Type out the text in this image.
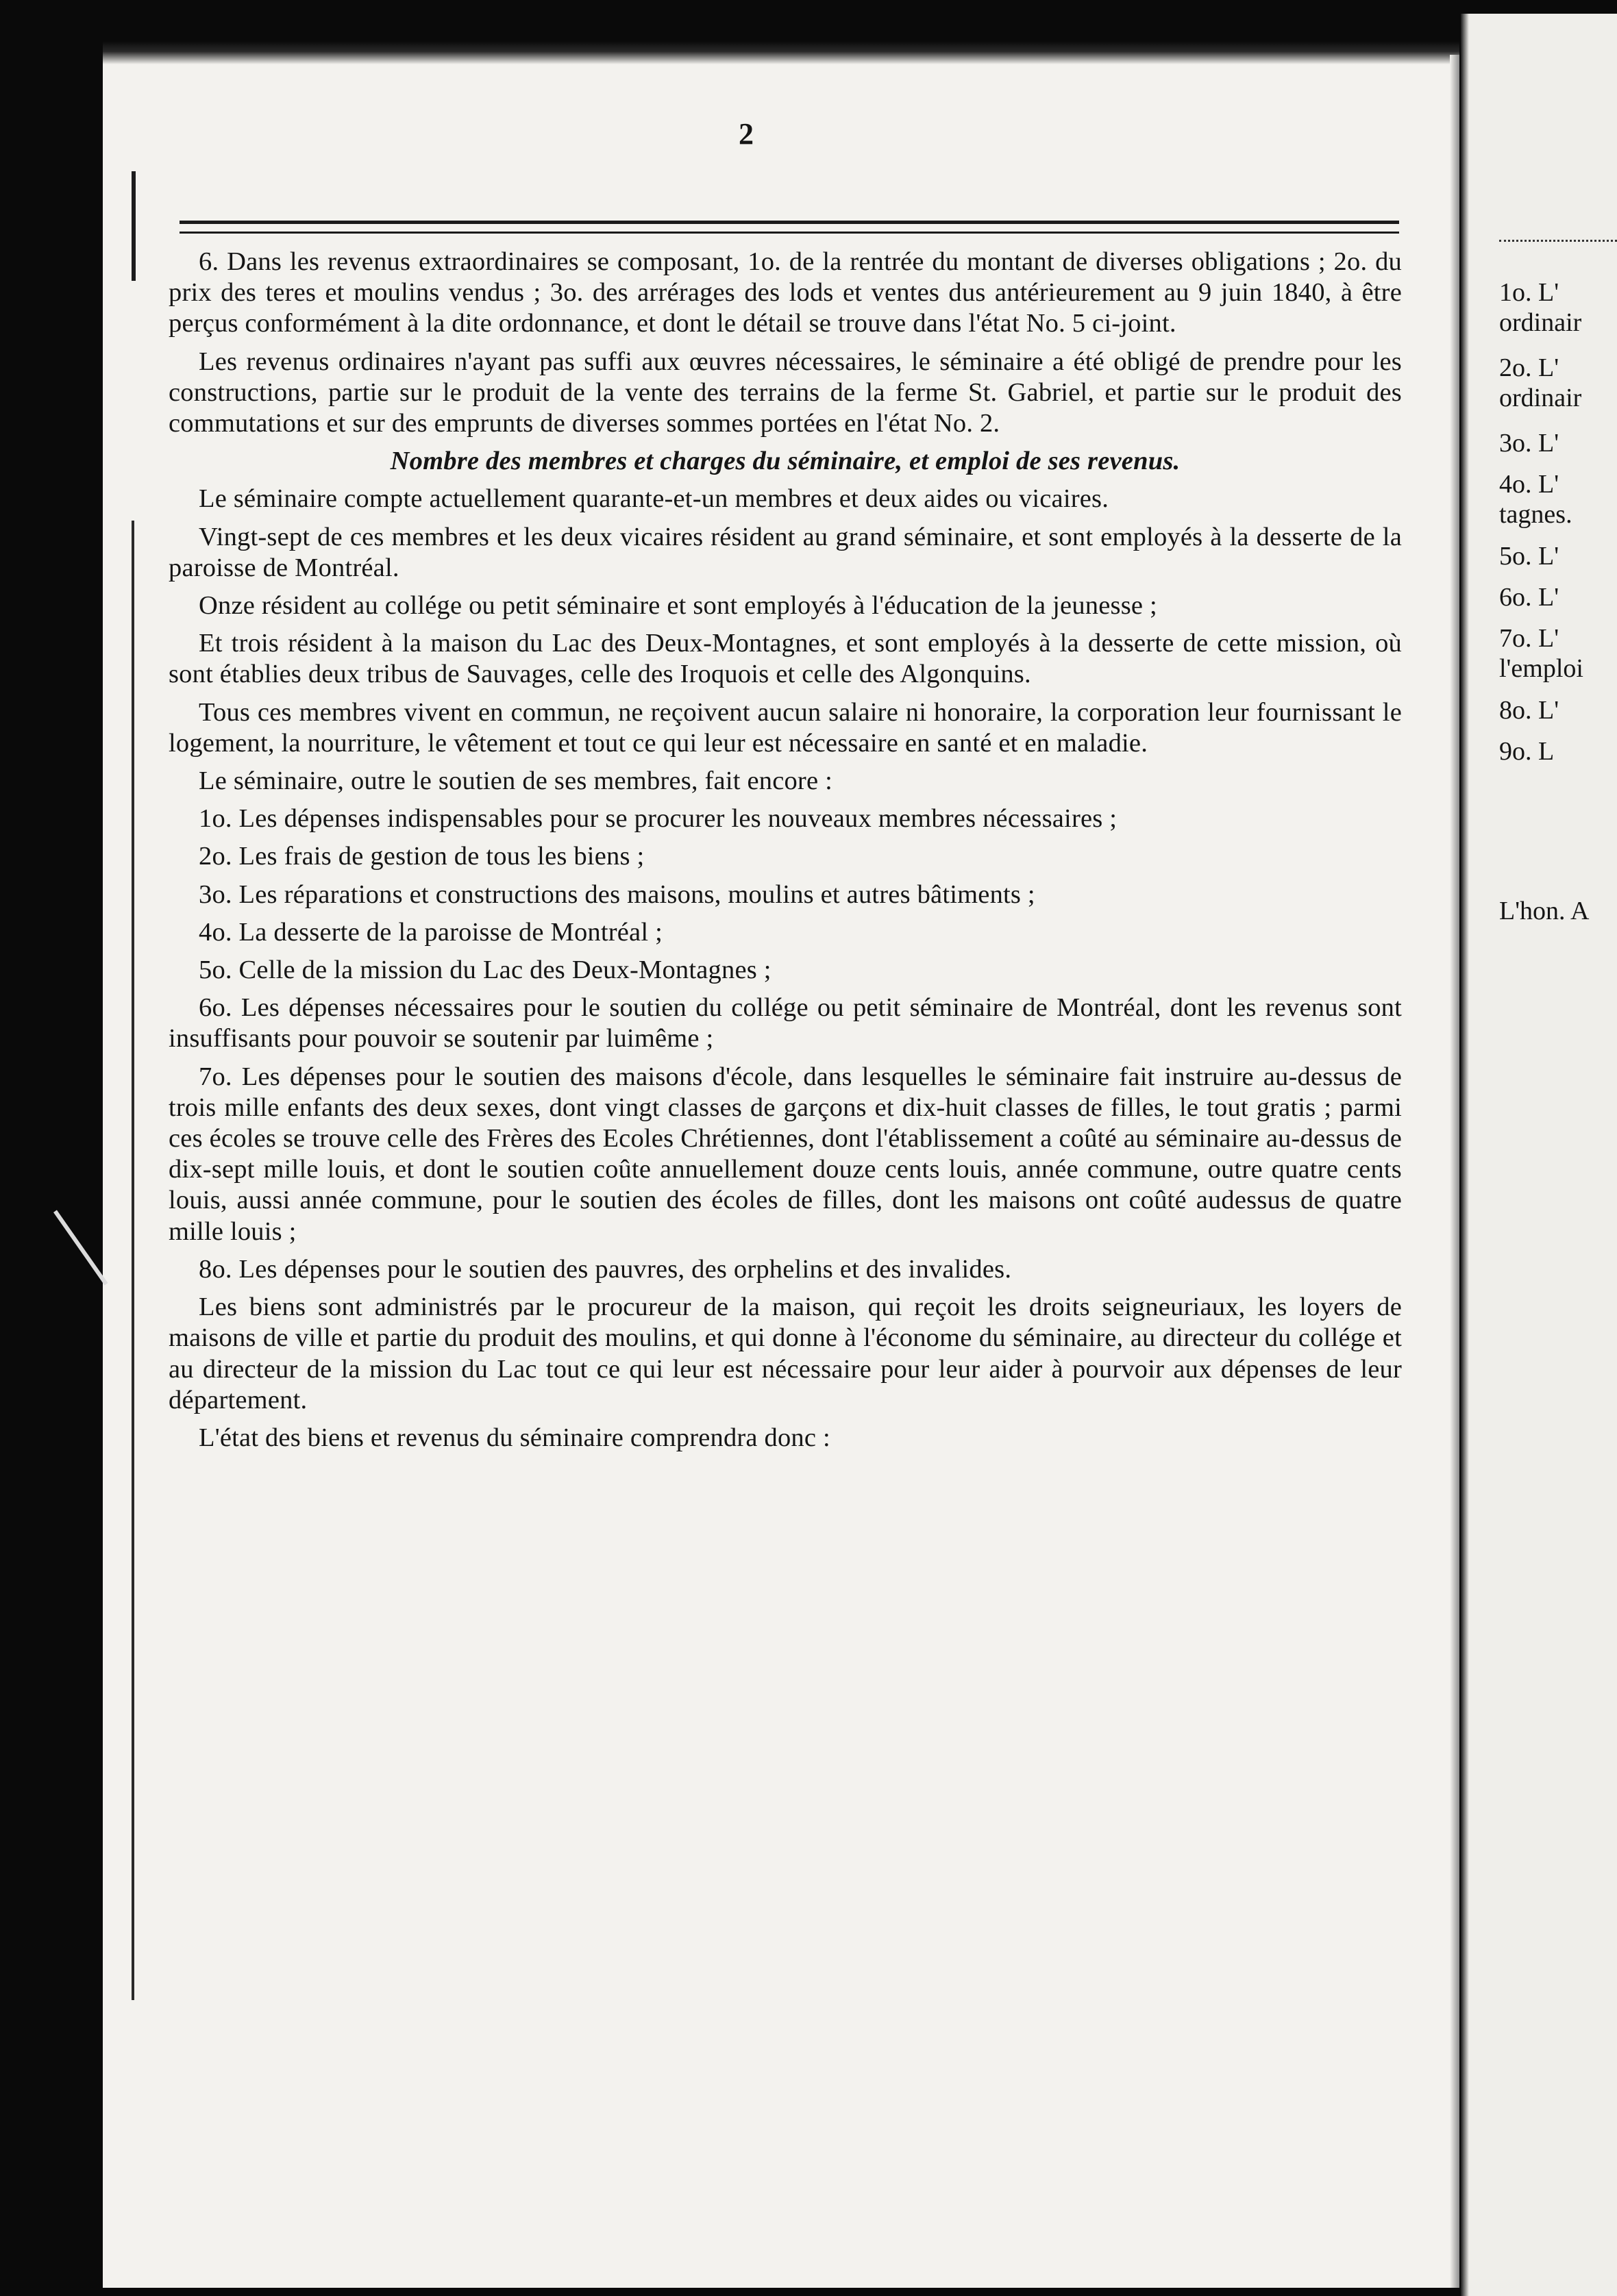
2

6. Dans les revenus extraordinaires se composant, 1o. de la rentrée du montant de diverses obligations ; 2o. du prix des teres et moulins vendus ; 3o. des arrérages des lods et ventes dus antérieurement au 9 juin 1840, à être perçus conformément à la dite ordonnance, et dont le détail se trouve dans l'état No. 5 ci-joint.

Les revenus ordinaires n'ayant pas suffi aux œuvres nécessaires, le séminaire a été obligé de prendre pour les constructions, partie sur le produit de la vente des terrains de la ferme St. Gabriel, et partie sur le produit des commutations et sur des emprunts de diverses sommes portées en l'état No. 2.

Nombre des membres et charges du séminaire, et emploi de ses revenus.

Le séminaire compte actuellement quarante-et-un membres et deux aides ou vicaires.

Vingt-sept de ces membres et les deux vicaires résident au grand séminaire, et sont employés à la desserte de la paroisse de Montréal.

Onze résident au collége ou petit séminaire et sont employés à l'éducation de la jeunesse ;

Et trois résident à la maison du Lac des Deux-Montagnes, et sont employés à la desserte de cette mission, où sont établies deux tribus de Sauvages, celle des Iroquois et celle des Algonquins.

Tous ces membres vivent en commun, ne reçoivent aucun salaire ni honoraire, la corporation leur fournissant le logement, la nourriture, le vêtement et tout ce qui leur est nécessaire en santé et en maladie.

Le séminaire, outre le soutien de ses membres, fait encore :

1o. Les dépenses indispensables pour se procurer les nouveaux membres nécessaires ;

2o. Les frais de gestion de tous les biens ;

3o. Les réparations et constructions des maisons, moulins et autres bâtiments ;

4o. La desserte de la paroisse de Montréal ;

5o. Celle de la mission du Lac des Deux-Montagnes ;

6o. Les dépenses nécessaires pour le soutien du collége ou petit séminaire de Montréal, dont les revenus sont insuffisants pour pouvoir se soutenir par luimême ;

7o. Les dépenses pour le soutien des maisons d'école, dans lesquelles le séminaire fait instruire au-dessus de trois mille enfants des deux sexes, dont vingt classes de garçons et dix-huit classes de filles, le tout gratis ; parmi ces écoles se trouve celle des Frères des Ecoles Chrétiennes, dont l'établissement a coûté au séminaire au-dessus de dix-sept mille louis, et dont le soutien coûte annuellement douze cents louis, année commune, outre quatre cents louis, aussi année commune, pour le soutien des écoles de filles, dont les maisons ont coûté audessus de quatre mille louis ;

8o. Les dépenses pour le soutien des pauvres, des orphelins et des invalides.

Les biens sont administrés par le procureur de la maison, qui reçoit les droits seigneuriaux, les loyers de maisons de ville et partie du produit des moulins, et qui donne à l'économe du séminaire, au directeur du collége et au directeur de la mission du Lac tout ce qui leur est nécessaire pour leur aider à pourvoir aux dépenses de leur département.

L'état des biens et revenus du séminaire comprendra donc :

1o. L'
ordinair
2o. L'
ordinair
3o. L'
4o. L'
tagnes.
5o. L'
6o. L'
7o. L'
l'emploi
8o. L'
9o. L
L'hon. A
